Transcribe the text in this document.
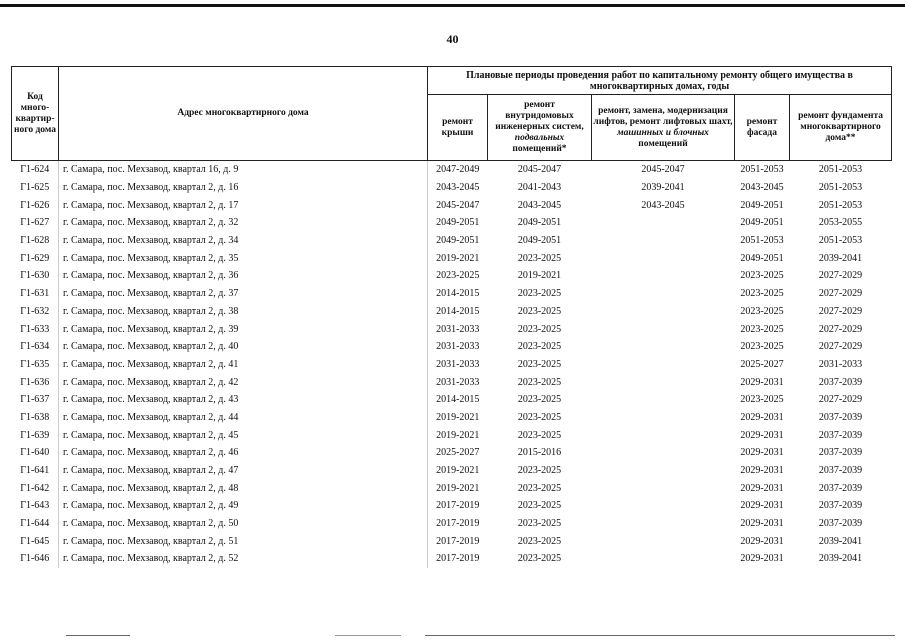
40
Код много-квартир-ного дома	Адрес многоквартирного дома	Плановые периоды проведения работ по капитальному ремонту общего имущества в многоквартирных домах, годы				
		ремонт крыши	ремонт внутридомовых инженерных систем, подвальных помещений*	ремонт, замена, модернизация лифтов, ремонт лифтовых шахт, машинных и блочных помещений	ремонт фасада	ремонт фундамента многоквартирного дома**
Г1-624	г. Самара, пос. Мехзавод, квартал 16, д. 9	2047-2049	2045-2047	2045-2047	2051-2053	2051-2053
Г1-625	г. Самара, пос. Мехзавод, квартал 2, д. 16	2043-2045	2041-2043	2039-2041	2043-2045	2051-2053
Г1-626	г. Самара, пос. Мехзавод, квартал 2, д. 17	2045-2047	2043-2045	2043-2045	2049-2051	2051-2053
Г1-627	г. Самара, пос. Мехзавод, квартал 2, д. 32	2049-2051	2049-2051		2049-2051	2053-2055
Г1-628	г. Самара, пос. Мехзавод, квартал 2, д. 34	2049-2051	2049-2051		2051-2053	2051-2053
Г1-629	г. Самара, пос. Мехзавод, квартал 2, д. 35	2019-2021	2023-2025		2049-2051	2039-2041
Г1-630	г. Самара, пос. Мехзавод, квартал 2, д. 36	2023-2025	2019-2021		2023-2025	2027-2029
Г1-631	г. Самара, пос. Мехзавод, квартал 2, д. 37	2014-2015	2023-2025		2023-2025	2027-2029
Г1-632	г. Самара, пос. Мехзавод, квартал 2, д. 38	2014-2015	2023-2025		2023-2025	2027-2029
Г1-633	г. Самара, пос. Мехзавод, квартал 2, д. 39	2031-2033	2023-2025		2023-2025	2027-2029
Г1-634	г. Самара, пос. Мехзавод, квартал 2, д. 40	2031-2033	2023-2025		2023-2025	2027-2029
Г1-635	г. Самара, пос. Мехзавод, квартал 2, д. 41	2031-2033	2023-2025		2025-2027	2031-2033
Г1-636	г. Самара, пос. Мехзавод, квартал 2, д. 42	2031-2033	2023-2025		2029-2031	2037-2039
Г1-637	г. Самара, пос. Мехзавод, квартал 2, д. 43	2014-2015	2023-2025		2023-2025	2027-2029
Г1-638	г. Самара, пос. Мехзавод, квартал 2, д. 44	2019-2021	2023-2025		2029-2031	2037-2039
Г1-639	г. Самара, пос. Мехзавод, квартал 2, д. 45	2019-2021	2023-2025		2029-2031	2037-2039
Г1-640	г. Самара, пос. Мехзавод, квартал 2, д. 46	2025-2027	2015-2016		2029-2031	2037-2039
Г1-641	г. Самара, пос. Мехзавод, квартал 2, д. 47	2019-2021	2023-2025		2029-2031	2037-2039
Г1-642	г. Самара, пос. Мехзавод, квартал 2, д. 48	2019-2021	2023-2025		2029-2031	2037-2039
Г1-643	г. Самара, пос. Мехзавод, квартал 2, д. 49	2017-2019	2023-2025		2029-2031	2037-2039
Г1-644	г. Самара, пос. Мехзавод, квартал 2, д. 50	2017-2019	2023-2025		2029-2031	2037-2039
Г1-645	г. Самара, пос. Мехзавод, квартал 2, д. 51	2017-2019	2023-2025		2029-2031	2039-2041
Г1-646	г. Самара, пос. Мехзавод, квартал 2, д. 52	2017-2019	2023-2025		2029-2031	2039-2041
